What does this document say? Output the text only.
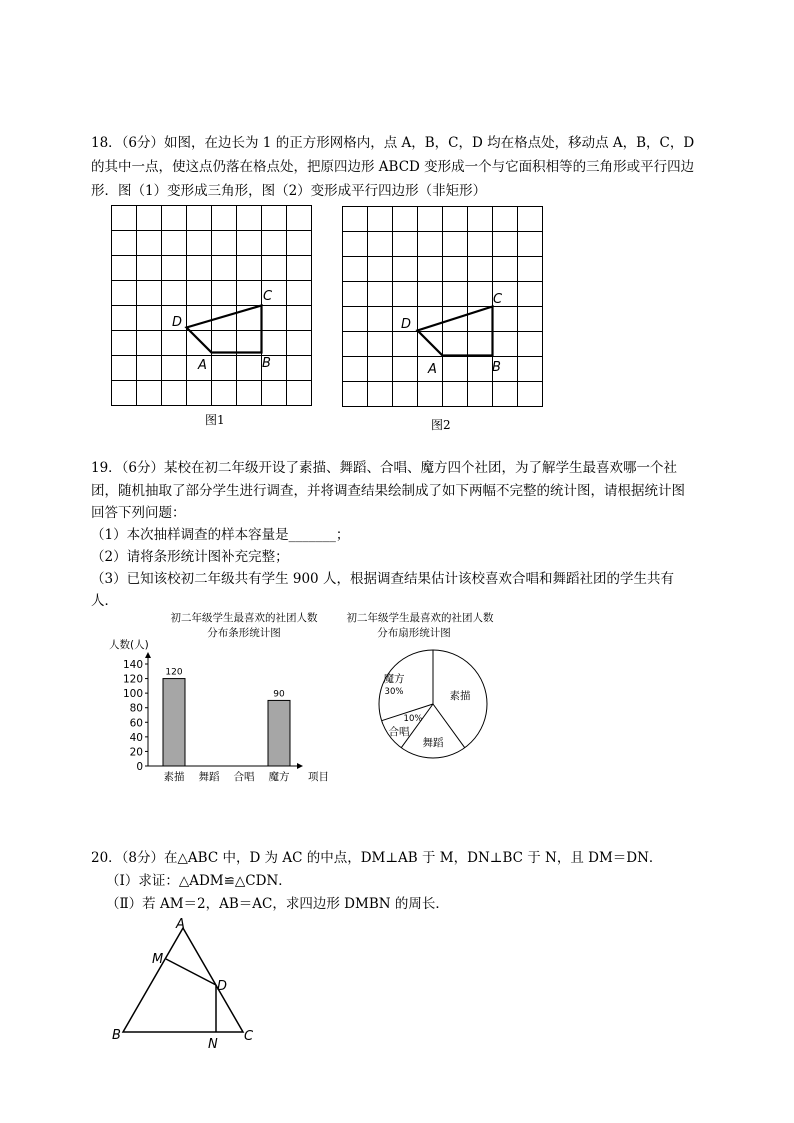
18．（6分）如图，在边长为 1 的正方形网格内，点 A，B，C，D 均在格点处，移动点 A，B，C，D
的其中一点，使这点仍落在格点处，把原四边形 ABCD 变形成一个与它面积相等的三角形或平行四边
形．图（1）变形成三角形，图（2）变形成平行四边形（非矩形）
D
C
A	B
图1
D
C
A	B
图2
19．（6分）某校在初二年级开设了素描、舞蹈、合唱、魔方四个社团，为了解学生最喜欢哪一个社
团，随机抽取了部分学生进行调查，并将调查结果绘制成了如下两幅不完整的统计图，请根据统计图
回答下列问题：
（1）本次抽样调查的样本容量是_______；
（2）请将条形统计图补充完整；
（3）已知该校初二年级共有学生 900 人，根据调查结果估计该校喜欢合唱和舞蹈社团的学生共有
人．
初二年级学生最喜欢的社团人数
分布条形统计图
人数(人)
项目
140
120
100
80
60
40
20
0
120
素描 舞蹈 合唱
90
魔方
初二年级学生最喜欢的社团人数
分布扇形统计图
魔方
30%	素描
舞蹈
合唱
10%
20．（8分）在△ABC 中，D 为 AC 的中点，DM⊥AB 于 M，DN⊥BC 于 N，且 DM＝DN．
（Ⅰ）求证：△ADM≌△CDN．
（Ⅱ）若 AM＝2，AB＝AC，求四边形 DMBN 的周长．
A
M
D
B
N
C
